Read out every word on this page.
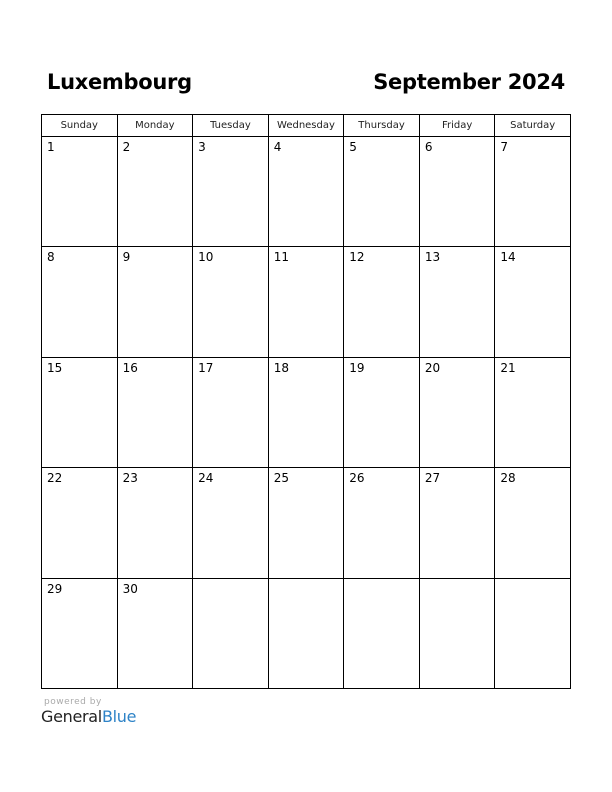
Luxembourg	September 2024
Sunday	Monday	Tuesday	Wednesday	Thursday	Friday	Saturday

1	2	3	4	5	6	7

8	9	10	11	12	13	14

15	16	17	18	19	20	21

22	23	24	25	26	27	28

29	30					

powered by
GeneralBlue
